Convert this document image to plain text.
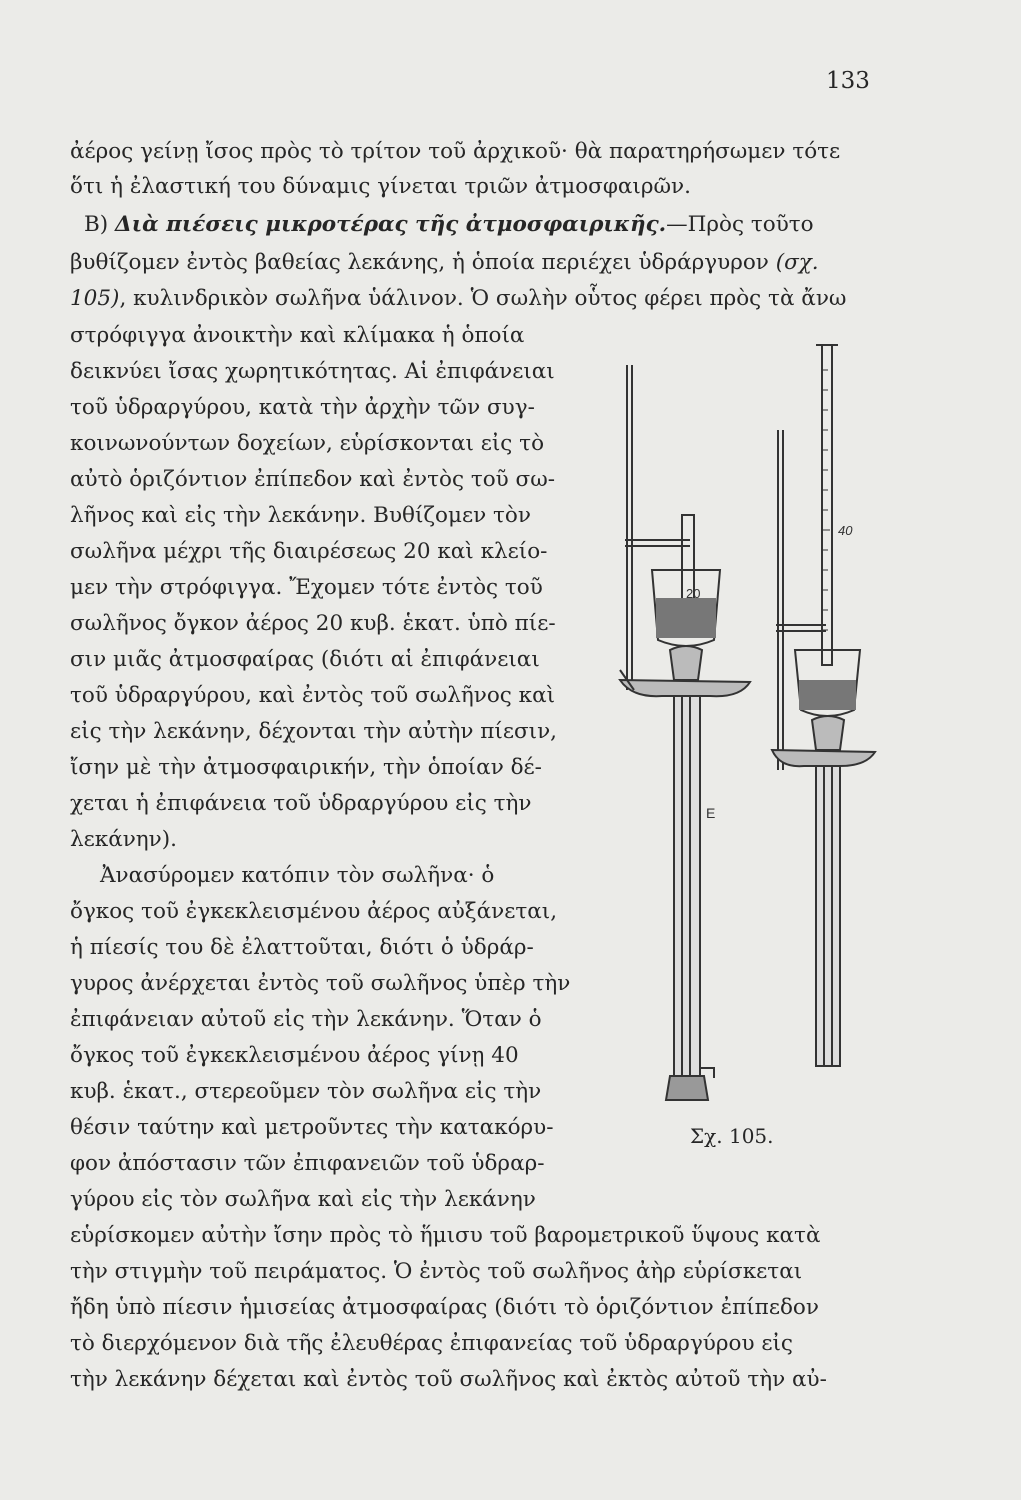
133
ἀέρος γείνῃ ἴσος πρὸς τὸ τρίτον τοῦ ἀρχικοῦ· θὰ παρατηρήσωμεν τότε
ὅτι ἡ ἐλαστική του δύναμις γίνεται τριῶν ἀτμοσφαιρῶν.
B) Διὰ πιέσεις μικροτέρας τῆς ἀτμοσφαιρικῆς.—Πρὸς τοῦτο
βυθίζομεν ἐντὸς βαθείας λεκάνης, ἡ ὁποία περιέχει ὑδράργυρον (σχ.
105), κυλινδρικὸν σωλῆνα ὑάλινον. Ὁ σωλὴν οὗτος φέρει πρὸς τὰ ἄνω
στρόφιγγα ἀνοικτὴν καὶ κλίμακα ἡ ὁποία
δεικνύει ἴσας χωρητικότητας. Αἱ ἐπιφάνειαι
τοῦ ὑδραργύρου, κατὰ τὴν ἀρχὴν τῶν συγ-
κοινωνούντων δοχείων, εὑρίσκονται εἰς τὸ
αὐτὸ ὁριζόντιον ἐπίπεδον καὶ ἐντὸς τοῦ σω-
λῆνος καὶ εἰς τὴν λεκάνην. Βυθίζομεν τὸν
σωλῆνα μέχρι τῆς διαιρέσεως 20 καὶ κλείο-
μεν τὴν στρόφιγγα. Ἔχομεν τότε ἐντὸς τοῦ
σωλῆνος ὄγκον ἀέρος 20 κυβ. ἑκατ. ὑπὸ πίε-
σιν μιᾶς ἀτμοσφαίρας (διότι αἱ ἐπιφάνειαι
τοῦ ὑδραργύρου, καὶ ἐντὸς τοῦ σωλῆνος καὶ
εἰς τὴν λεκάνην, δέχονται τὴν αὐτὴν πίεσιν,
ἴσην μὲ τὴν ἀτμοσφαιρικήν, τὴν ὁποίαν δέ-
χεται ἡ ἐπιφάνεια τοῦ ὑδραργύρου εἰς τὴν
λεκάνην).
Ἀνασύρομεν κατόπιν τὸν σωλῆνα· ὁ
ὄγκος τοῦ ἐγκεκλεισμένου ἀέρος αὐξάνεται,
ἡ πίεσίς του δὲ ἐλαττοῦται, διότι ὁ ὑδράρ-
γυρος ἀνέρχεται ἐντὸς τοῦ σωλῆνος ὑπὲρ τὴν
ἐπιφάνειαν αὐτοῦ εἰς τὴν λεκάνην. Ὅταν ὁ
ὄγκος τοῦ ἐγκεκλεισμένου ἀέρος γίνῃ 40
κυβ. ἑκατ., στερεοῦμεν τὸν σωλῆνα εἰς τὴν
θέσιν ταύτην καὶ μετροῦντες τὴν κατακόρυ-
φον ἀπόστασιν τῶν ἐπιφανειῶν τοῦ ὑδραρ-
γύρου εἰς τὸν σωλῆνα καὶ εἰς τὴν λεκάνην
εὑρίσκομεν αὐτὴν ἴσην πρὸς τὸ ἥμισυ τοῦ βαρομετρικοῦ ὕψους κατὰ
τὴν στιγμὴν τοῦ πειράματος. Ὁ ἐντὸς τοῦ σωλῆνος ἀὴρ εὑρίσκεται
ἤδη ὑπὸ πίεσιν ἡμισείας ἀτμοσφαίρας (διότι τὸ ὁριζόντιον ἐπίπεδον
τὸ διερχόμενον διὰ τῆς ἐλευθέρας ἐπιφανείας τοῦ ὑδραργύρου εἰς
τὴν λεκάνην δέχεται καὶ ἐντὸς τοῦ σωλῆνος καὶ ἐκτὸς αὐτοῦ τὴν αὐ-
20
40
E
Σχ. 105.
